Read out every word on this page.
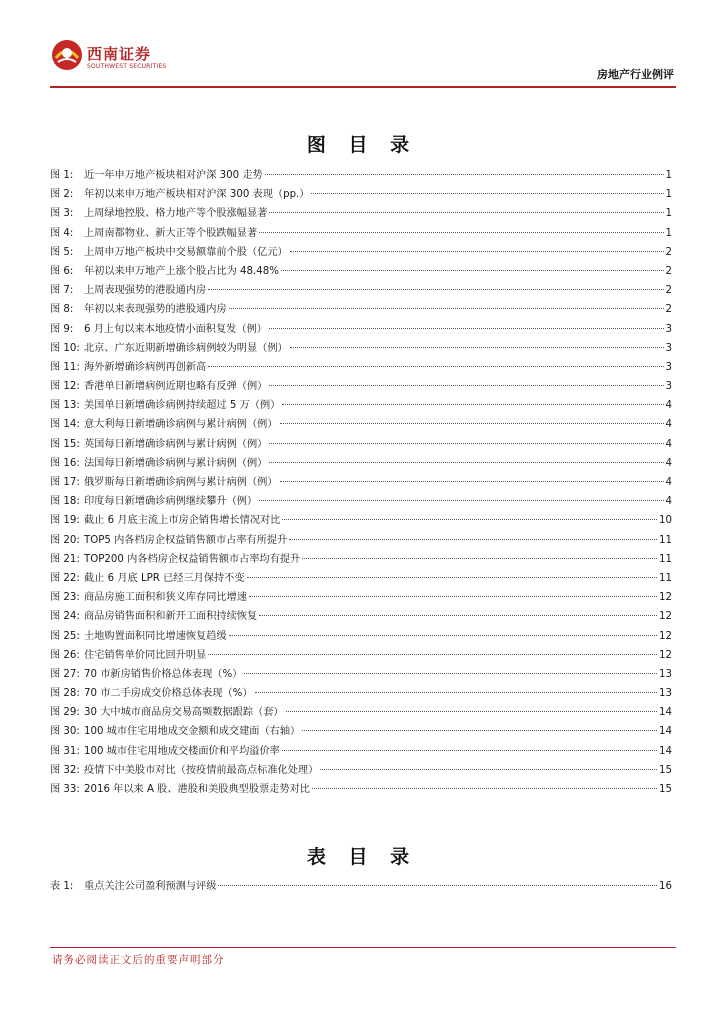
西南证券
SOUTHWEST SECURITIES
房地产行业例评
图 目 录
图 1:	近一年申万地产板块相对沪深 300 走势	1
图 2:	年初以来申万地产板块相对沪深 300 表现（pp.）	1
图 3:	上周绿地控股、格力地产等个股涨幅显著	1
图 4:	上周南都物业、新大正等个股跌幅显著	1
图 5:	上周申万地产板块中交易额靠前个股（亿元）	2
图 6:	年初以来申万地产上涨个股占比为 48.48%	2
图 7:	上周表现强势的港股通内房	2
图 8:	年初以来表现强势的港股通内房	2
图 9:	6 月上旬以来本地疫情小面积复发（例）	3
图 10: 北京、广东近期新增确诊病例较为明显（例）	3
图 11: 海外新增确诊病例再创新高	3
图 12: 香港单日新增病例近期也略有反弹（例）	3
图 13: 美国单日新增确诊病例持续超过 5 万（例）	4
图 14: 意大利每日新增确诊病例与累计病例（例）	4
图 15: 英国每日新增确诊病例与累计病例（例）	4
图 16: 法国每日新增确诊病例与累计病例（例）	4
图 17: 俄罗斯每日新增确诊病例与累计病例（例）	4
图 18: 印度每日新增确诊病例继续攀升（例）	4
图 19: 截止 6 月底主流上市房企销售增长情况对比	10
图 20: TOP5 内各档房企权益销售额市占率有所提升	11
图 21: TOP200 内各档房企权益销售额市占率均有提升	11
图 22: 截止 6 月底 LPR 已经三月保持不变	11
图 23: 商品房施工面积和狭义库存同比增速	12
图 24: 商品房销售面积和新开工面积持续恢复	12
图 25: 土地购置面积同比增速恢复趋缓	12
图 26: 住宅销售单价同比回升明显	12
图 27: 70 市新房销售价格总体表现（%）	13
图 28: 70 市二手房成交价格总体表现（%）	13
图 29: 30 大中城市商品房交易高频数据跟踪（套）	14
图 30: 100 城市住宅用地成交金额和成交建面（右轴）	14
图 31: 100 城市住宅用地成交楼面价和平均溢价率	14
图 32: 疫情下中美股市对比（按疫情前最高点标准化处理）	15
图 33: 2016 年以来 A 股、港股和美股典型股票走势对比	15
表 目 录
表 1:	重点关注公司盈利预测与评级	16
请务必阅读正文后的重要声明部分
